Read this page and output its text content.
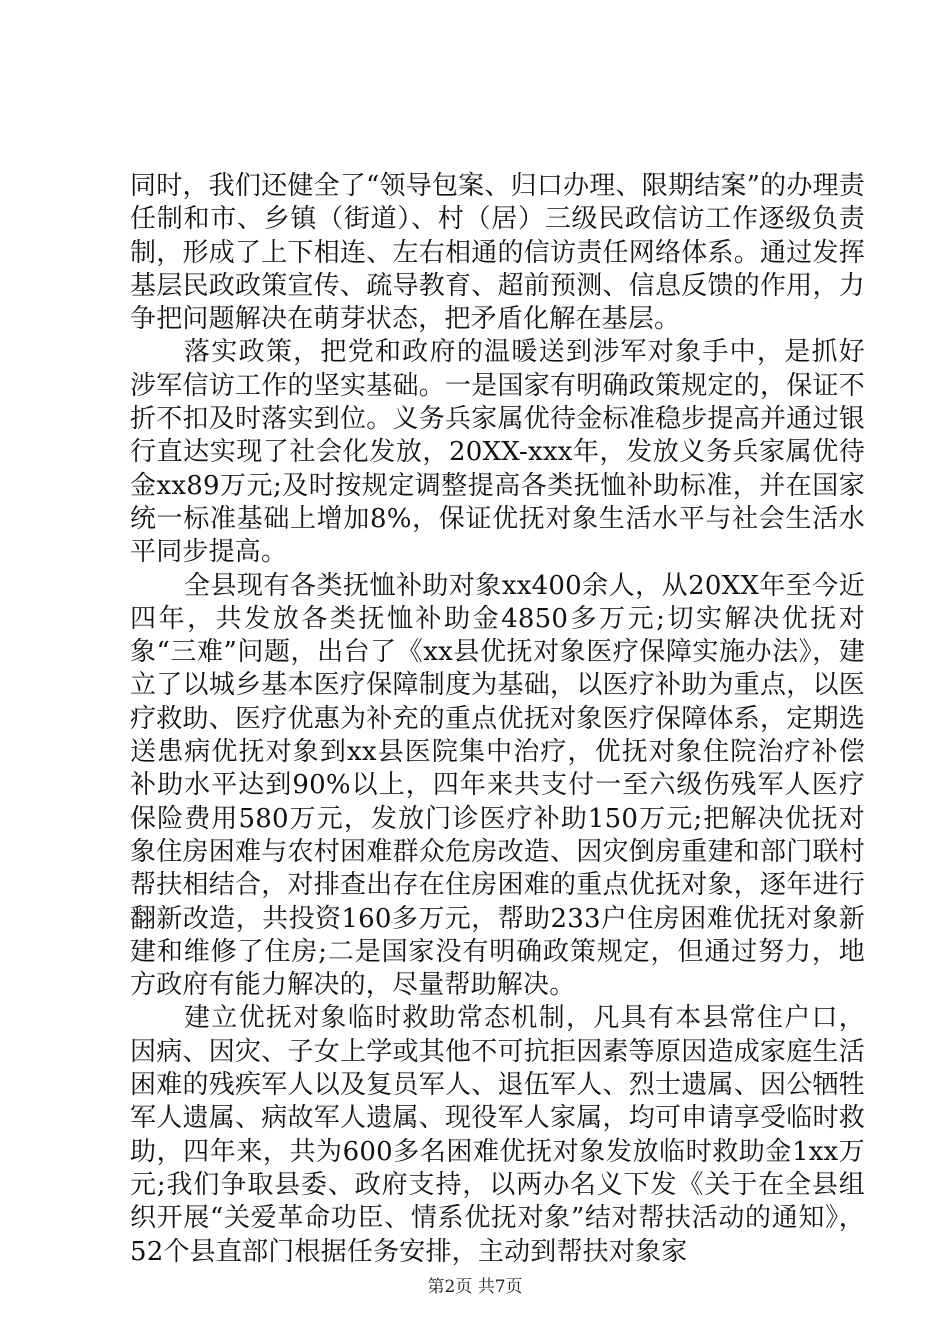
同时，我们还健全了“领导包案、归口办理、限期结案”的办理责任制和市、乡镇（街道）、村（居）三级民政信访工作逐级负责制，形成了上下相连、左右相通的信访责任网络体系。通过发挥基层民政政策宣传、疏导教育、超前预测、信息反馈的作用，力争把问题解决在萌芽状态，把矛盾化解在基层。

落实政策，把党和政府的温暖送到涉军对象手中，是抓好涉军信访工作的坚实基础。一是国家有明确政策规定的，保证不折不扣及时落实到位。义务兵家属优待金标准稳步提高并通过银行直达实现了社会化发放，20XX-xxx年，发放义务兵家属优待金xx89万元;及时按规定调整提高各类抚恤补助标准，并在国家统一标准基础上增加8%，保证优抚对象生活水平与社会生活水平同步提高。

全县现有各类抚恤补助对象xx400余人，从20XX年至今近四年，共发放各类抚恤补助金4850多万元;切实解决优抚对象“三难”问题，出台了《xx县优抚对象医疗保障实施办法》，建立了以城乡基本医疗保障制度为基础，以医疗补助为重点，以医疗救助、医疗优惠为补充的重点优抚对象医疗保障体系，定期选送患病优抚对象到xx县医院集中治疗，优抚对象住院治疗补偿补助水平达到90%以上，四年来共支付一至六级伤残军人医疗保险费用580万元，发放门诊医疗补助150万元;把解决优抚对象住房困难与农村困难群众危房改造、因灾倒房重建和部门联村帮扶相结合，对排查出存在住房困难的重点优抚对象，逐年进行翻新改造，共投资160多万元，帮助233户住房困难优抚对象新建和维修了住房;二是国家没有明确政策规定，但通过努力，地方政府有能力解决的，尽量帮助解决。

建立优抚对象临时救助常态机制，凡具有本县常住户口，因病、因灾、子女上学或其他不可抗拒因素等原因造成家庭生活困难的残疾军人以及复员军人、退伍军人、烈士遗属、因公牺牲军人遗属、病故军人遗属、现役军人家属，均可申请享受临时救助，四年来，共为600多名困难优抚对象发放临时救助金1xx万元;我们争取县委、政府支持，以两办名义下发《关于在全县组织开展“关爱革命功臣、情系优抚对象”结对帮扶活动的通知》，52个县直部门根据任务安排，主动到帮扶对象家

第2页 共7页
